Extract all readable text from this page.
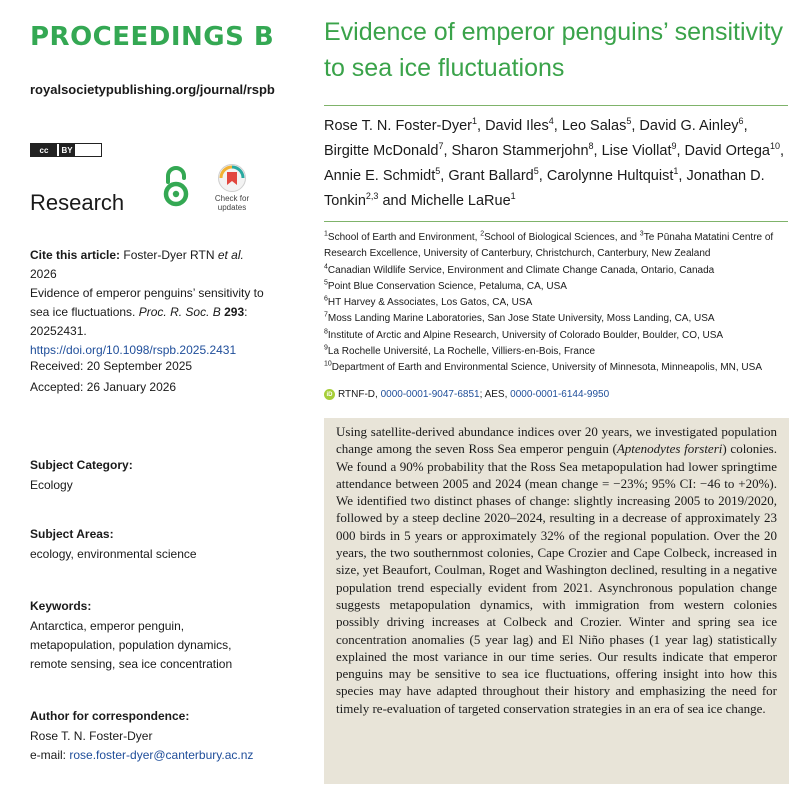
PROCEEDINGS B
royalsocietypublishing.org/journal/rspb
cc	BY
Research	Check for updates
Cite this article: Foster-Dyer RTN et al. 2026
Evidence of emperor penguins’ sensitivity to sea ice fluctuations. Proc. R. Soc. B 293: 20252431.
https://doi.org/10.1098/rspb.2025.2431
Received: 20 September 2025
Accepted: 26 January 2026
Subject Category:
Ecology
Subject Areas:
ecology, environmental science
Keywords:
Antarctica, emperor penguin, metapopulation, population dynamics, remote sensing, sea ice concentration
Author for correspondence:
Rose T. N. Foster-Dyer
e-mail: rose.foster-dyer@canterbury.ac.nz
Evidence of emperor penguins’ sensitivity to sea ice fluctuations
Rose T. N. Foster-Dyer$^1$, David Iles$^4$, Leo Salas$^5$, David G. Ainley$^6$, Birgitte McDonald$^7$, Sharon Stammerjohn$^8$, Lise Viollat$^9$, David Ortega$^{10}$, Annie E. Schmidt$^5$, Grant Ballard$^5$, Carolynne Hultquist$^1$, Jonathan D. Tonkin$^{2,3}$ and Michelle LaRue$^1$
$^1$School of Earth and Environment, $^2$School of Biological Sciences, and $^3$Te Pūnaha Matatini Centre of Research Excellence, University of Canterbury, Christchurch, Canterbury, New Zealand
$^4$Canadian Wildlife Service, Environment and Climate Change Canada, Ontario, Canada
$^5$Point Blue Conservation Science, Petaluma, CA, USA
$^6$HT Harvey & Associates, Los Gatos, CA, USA
$^7$Moss Landing Marine Laboratories, San Jose State University, Moss Landing, CA, USA
$^8$Institute of Arctic and Alpine Research, University of Colorado Boulder, Boulder, CO, USA
$^9$La Rochelle Université, La Rochelle, Villiers-en-Bois, France
$^{10}$Department of Earth and Environmental Science, University of Minnesota, Minneapolis, MN, USA
iD RTNF-D, 0000-0001-9047-6851; AES, 0000-0001-6144-9950
Using satellite-derived abundance indices over 20 years, we investigated population change among the seven Ross Sea emperor penguin (Aptenodytes forsteri) colonies. We found a 90% probability that the Ross Sea metapopulation had lower springtime attendance between 2005 and 2024 (mean change = −23%; 95% CI: −46 to +20%). We identified two distinct phases of change: slightly increasing 2005 to 2019/2020, followed by a steep decline 2020–2024, resulting in a decrease of approximately 23 000 birds in 5 years or approximately 32% of the regional population. Over the 20 years, the two southernmost colonies, Cape Crozier and Cape Colbeck, increased in size, yet Beaufort, Coulman, Roget and Washington declined, resulting in a negative population trend especially evident from 2021. Asynchronous population change suggests metapopulation dynamics, with immigration from western colonies possibly driving increases at Colbeck and Crozier. Winter and spring sea ice concentration anomalies (5 year lag) and El Niño phases (1 year lag) statistically explained the most variance in our time series. Our results indicate that emperor penguins may be sensitive to sea ice fluctuations, offering insight into how this species may have adapted throughout their history and emphasizing the need for timely re-evaluation of targeted conservation strategies in an era of sea ice change.
